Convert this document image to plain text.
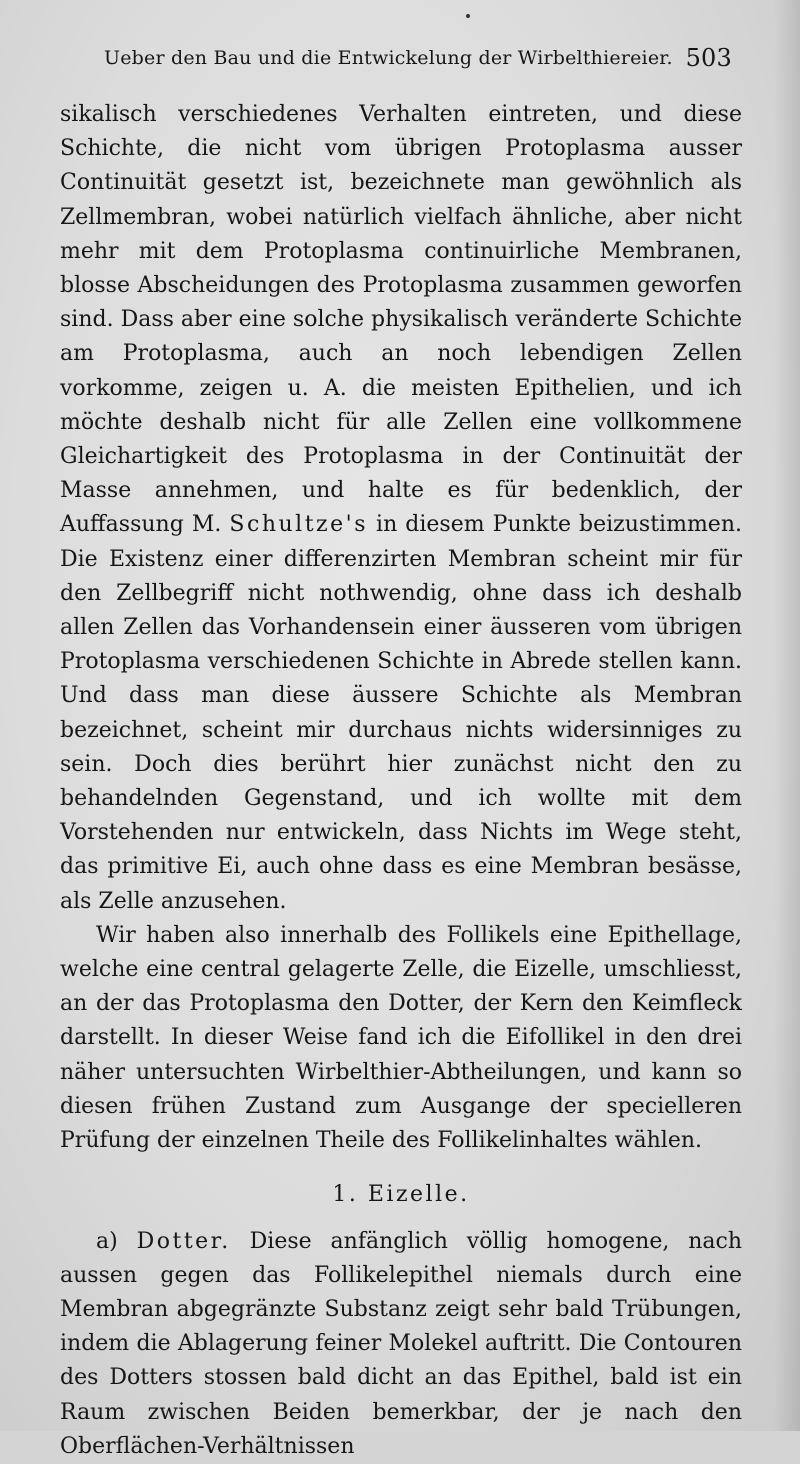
Ueber den Bau und die Entwickelung der Wirbelthiereier. 503

sikalisch verschiedenes Verhalten eintreten, und diese Schichte, die nicht vom übrigen Protoplasma ausser Continuität gesetzt ist, bezeichnete man gewöhnlich als Zellmembran, wobei natürlich vielfach ähnliche, aber nicht mehr mit dem Protoplasma continuirliche Membranen, blosse Abscheidungen des Protoplasma zusammen geworfen sind. Dass aber eine solche physikalisch veränderte Schichte am Protoplasma, auch an noch lebendigen Zellen vorkomme, zeigen u. A. die meisten Epithelien, und ich möchte deshalb nicht für alle Zellen eine vollkommene Gleichartigkeit des Protoplasma in der Continuität der Masse annehmen, und halte es für bedenklich, der Auffassung M. Schultze's in diesem Punkte beizustimmen. Die Existenz einer differenzirten Membran scheint mir für den Zellbegriff nicht nothwendig, ohne dass ich deshalb allen Zellen das Vorhandensein einer äusseren vom übrigen Protoplasma verschiedenen Schichte in Abrede stellen kann. Und dass man diese äussere Schichte als Membran bezeichnet, scheint mir durchaus nichts widersinniges zu sein. Doch dies berührt hier zunächst nicht den zu behandelnden Gegenstand, und ich wollte mit dem Vorstehenden nur entwickeln, dass Nichts im Wege steht, das primitive Ei, auch ohne dass es eine Membran besässe, als Zelle anzusehen.

Wir haben also innerhalb des Follikels eine Epithellage, welche eine central gelagerte Zelle, die Eizelle, umschliesst, an der das Protoplasma den Dotter, der Kern den Keimfleck darstellt. In dieser Weise fand ich die Eifollikel in den drei näher untersuchten Wirbelthier-Abtheilungen, und kann so diesen frühen Zustand zum Ausgange der specielleren Prüfung der einzelnen Theile des Follikelinhaltes wählen.

1. Eizelle.

a) Dotter. Diese anfänglich völlig homogene, nach aussen gegen das Follikelepithel niemals durch eine Membran abgegränzte Substanz zeigt sehr bald Trübungen, indem die Ablagerung feiner Molekel auftritt. Die Contouren des Dotters stossen bald dicht an das Epithel, bald ist ein Raum zwischen Beiden bemerkbar, der je nach den Oberflächen-Verhältnissen
